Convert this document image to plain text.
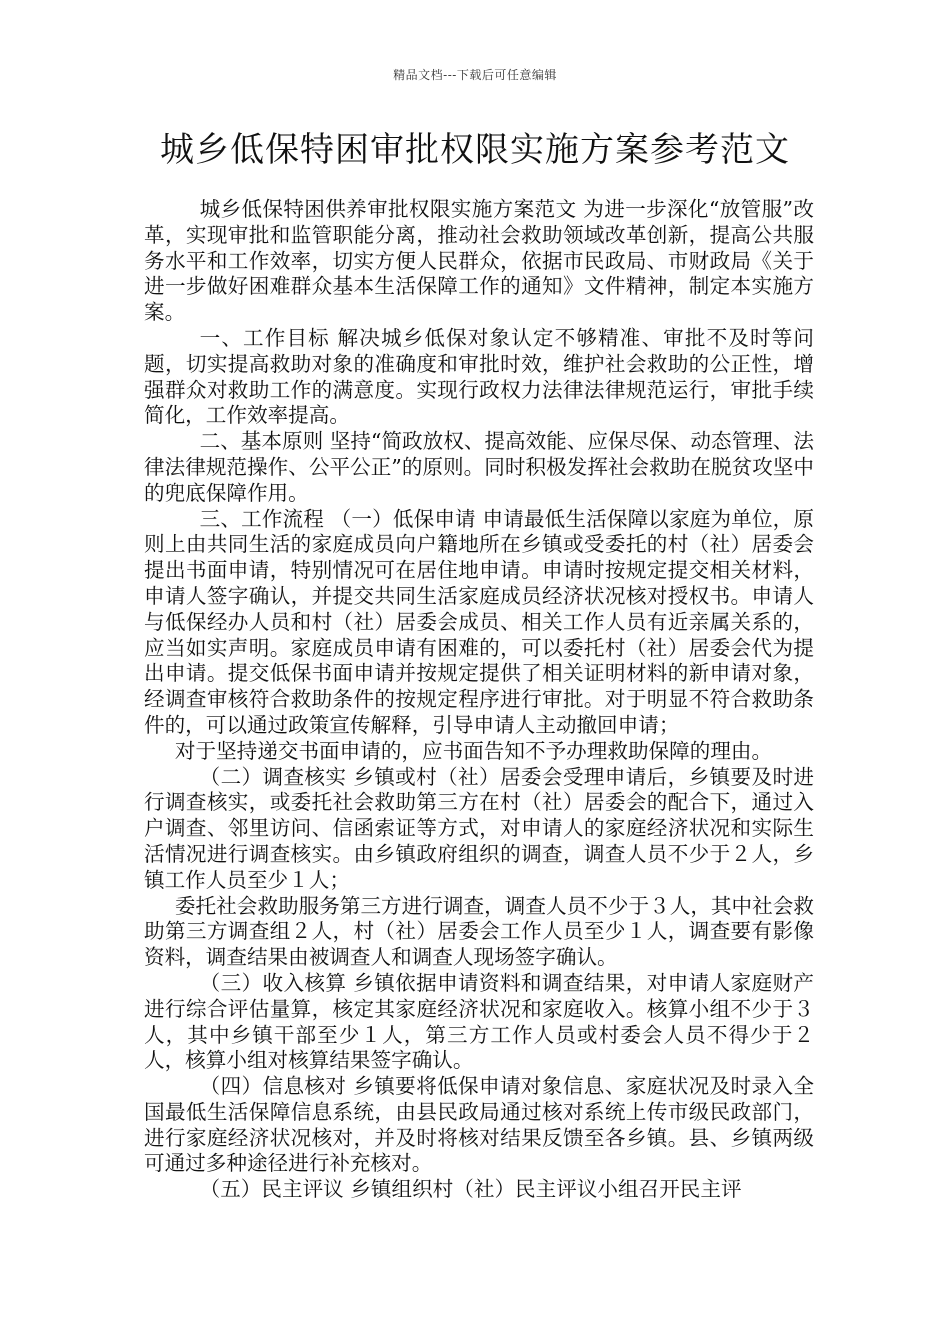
精品文档---下载后可任意编辑
城乡低保特困审批权限实施方案参考范文

城乡低保特困供养审批权限实施方案范文 为进一步深化“放管服”改革，实现审批和监管职能分离，推动社会救助领域改革创新，提高公共服务水平和工作效率，切实方便人民群众，依据市民政局、市财政局《关于进一步做好困难群众基本生活保障工作的通知》文件精神，制定本实施方案。

一、工作目标 解决城乡低保对象认定不够精准、审批不及时等问题，切实提高救助对象的准确度和审批时效，维护社会救助的公正性，增强群众对救助工作的满意度。实现行政权力法律法律规范运行，审批手续简化，工作效率提高。

二、基本原则 坚持“简政放权、提高效能、应保尽保、动态管理、法律法律规范操作、公平公正”的原则。同时积极发挥社会救助在脱贫攻坚中的兜底保障作用。

三、工作流程 （一）低保申请 申请最低生活保障以家庭为单位，原则上由共同生活的家庭成员向户籍地所在乡镇或受委托的村（社）居委会提出书面申请，特别情况可在居住地申请。申请时按规定提交相关材料，申请人签字确认，并提交共同生活家庭成员经济状况核对授权书。申请人与低保经办人员和村（社）居委会成员、相关工作人员有近亲属关系的，应当如实声明。家庭成员申请有困难的，可以委托村（社）居委会代为提出申请。提交低保书面申请并按规定提供了相关证明材料的新申请对象，经调查审核符合救助条件的按规定程序进行审批。对于明显不符合救助条件的，可以通过政策宣传解释，引导申请人主动撤回申请；

对于坚持递交书面申请的，应书面告知不予办理救助保障的理由。

（二）调查核实 乡镇或村（社）居委会受理申请后，乡镇要及时进行调查核实，或委托社会救助第三方在村（社）居委会的配合下，通过入户调查、邻里访问、信函索证等方式，对申请人的家庭经济状况和实际生活情况进行调查核实。由乡镇政府组织的调查，调查人员不少于２人，乡镇工作人员至少１人；

委托社会救助服务第三方进行调查，调查人员不少于３人，其中社会救助第三方调查组２人，村（社）居委会工作人员至少１人，调查要有影像资料，调查结果由被调查人和调查人现场签字确认。

（三）收入核算 乡镇依据申请资料和调查结果，对申请人家庭财产进行综合评估量算，核定其家庭经济状况和家庭收入。核算小组不少于３人，其中乡镇干部至少１人，第三方工作人员或村委会人员不得少于２人，核算小组对核算结果签字确认。

（四）信息核对 乡镇要将低保申请对象信息、家庭状况及时录入全国最低生活保障信息系统，由县民政局通过核对系统上传市级民政部门，进行家庭经济状况核对，并及时将核对结果反馈至各乡镇。县、乡镇两级可通过多种途径进行补充核对。

（五）民主评议 乡镇组织村（社）民主评议小组召开民主评
